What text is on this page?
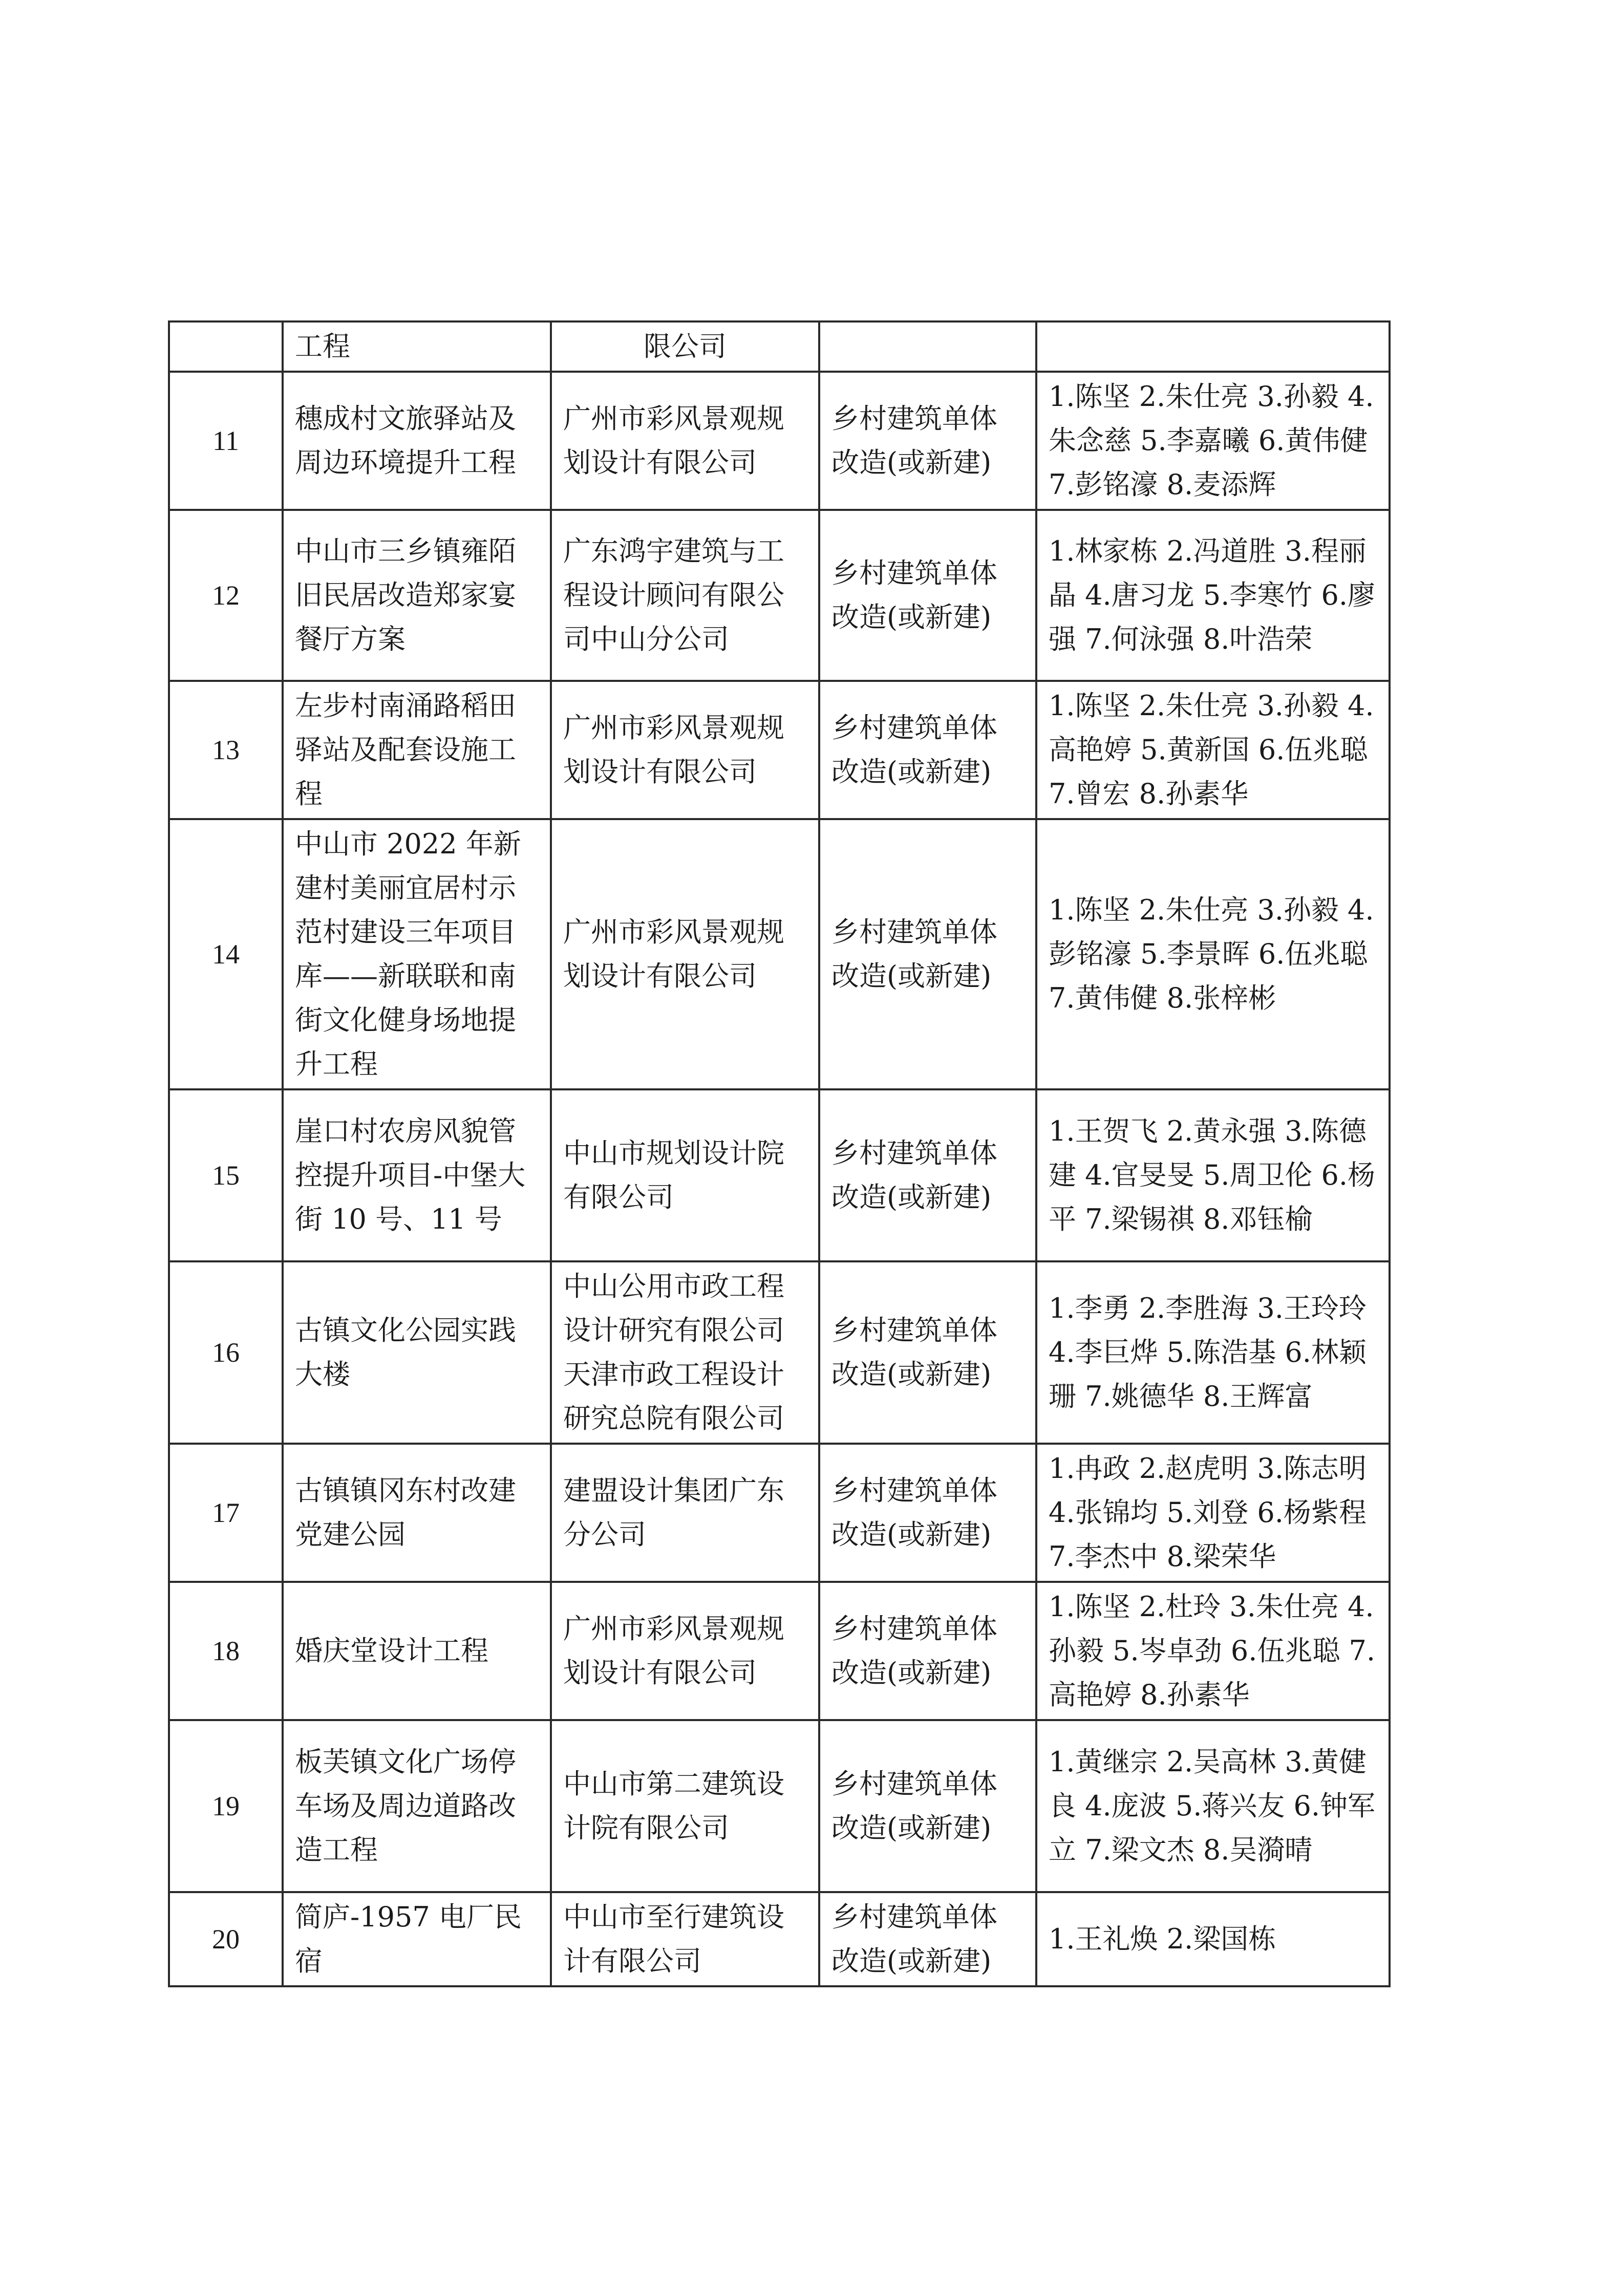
	工程	限公司		
11	穗成村文旅驿站及周边环境提升工程	广州市彩风景观规划设计有限公司	乡村建筑单体改造(或新建)	1.陈坚 2.朱仕亮 3.孙毅 4.朱念慈 5.李嘉曦 6.黄伟健 7.彭铭濠 8.麦添辉
12	中山市三乡镇雍陌旧民居改造郑家宴餐厅方案	广东鸿宇建筑与工程设计顾问有限公司中山分公司	乡村建筑单体改造(或新建)	1.林家栋 2.冯道胜 3.程丽晶 4.唐习龙 5.李寒竹 6.廖强 7.何泳强 8.叶浩荣
13	左步村南涌路稻田驿站及配套设施工程	广州市彩风景观规划设计有限公司	乡村建筑单体改造(或新建)	1.陈坚 2.朱仕亮 3.孙毅 4.高艳婷 5.黄新国 6.伍兆聪 7.曾宏 8.孙素华
14	中山市 2022 年新建村美丽宜居村示范村建设三年项目库——新联联和南街文化健身场地提升工程	广州市彩风景观规划设计有限公司	乡村建筑单体改造(或新建)	1.陈坚 2.朱仕亮 3.孙毅 4.彭铭濠 5.李景晖 6.伍兆聪 7.黄伟健 8.张梓彬
15	崖口村农房风貌管控提升项目-中堡大街 10 号、11 号	中山市规划设计院有限公司	乡村建筑单体改造(或新建)	1.王贺飞 2.黄永强 3.陈德建 4.官旻旻 5.周卫伦 6.杨平 7.梁锡祺 8.邓钰榆
16	古镇文化公园实践大楼	中山公用市政工程设计研究有限公司天津市政工程设计研究总院有限公司	乡村建筑单体改造(或新建)	1.李勇 2.李胜海 3.王玲玲 4.李巨烨 5.陈浩基 6.林颖珊 7.姚德华 8.王辉富
17	古镇镇冈东村改建党建公园	建盟设计集团广东分公司	乡村建筑单体改造(或新建)	1.冉政 2.赵虎明 3.陈志明 4.张锦均 5.刘登 6.杨紫程 7.李杰中 8.梁荣华
18	婚庆堂设计工程	广州市彩风景观规划设计有限公司	乡村建筑单体改造(或新建)	1.陈坚 2.杜玲 3.朱仕亮 4.孙毅 5.岑卓劲 6.伍兆聪 7.高艳婷 8.孙素华
19	板芙镇文化广场停车场及周边道路改造工程	中山市第二建筑设计院有限公司	乡村建筑单体改造(或新建)	1.黄继宗 2.吴高林 3.黄健良 4.庞波 5.蒋兴友 6.钟军立 7.梁文杰 8.吴漪晴
20	简庐-1957 电厂民宿	中山市至行建筑设计有限公司	乡村建筑单体改造(或新建)	1.王礼焕 2.梁国栋
